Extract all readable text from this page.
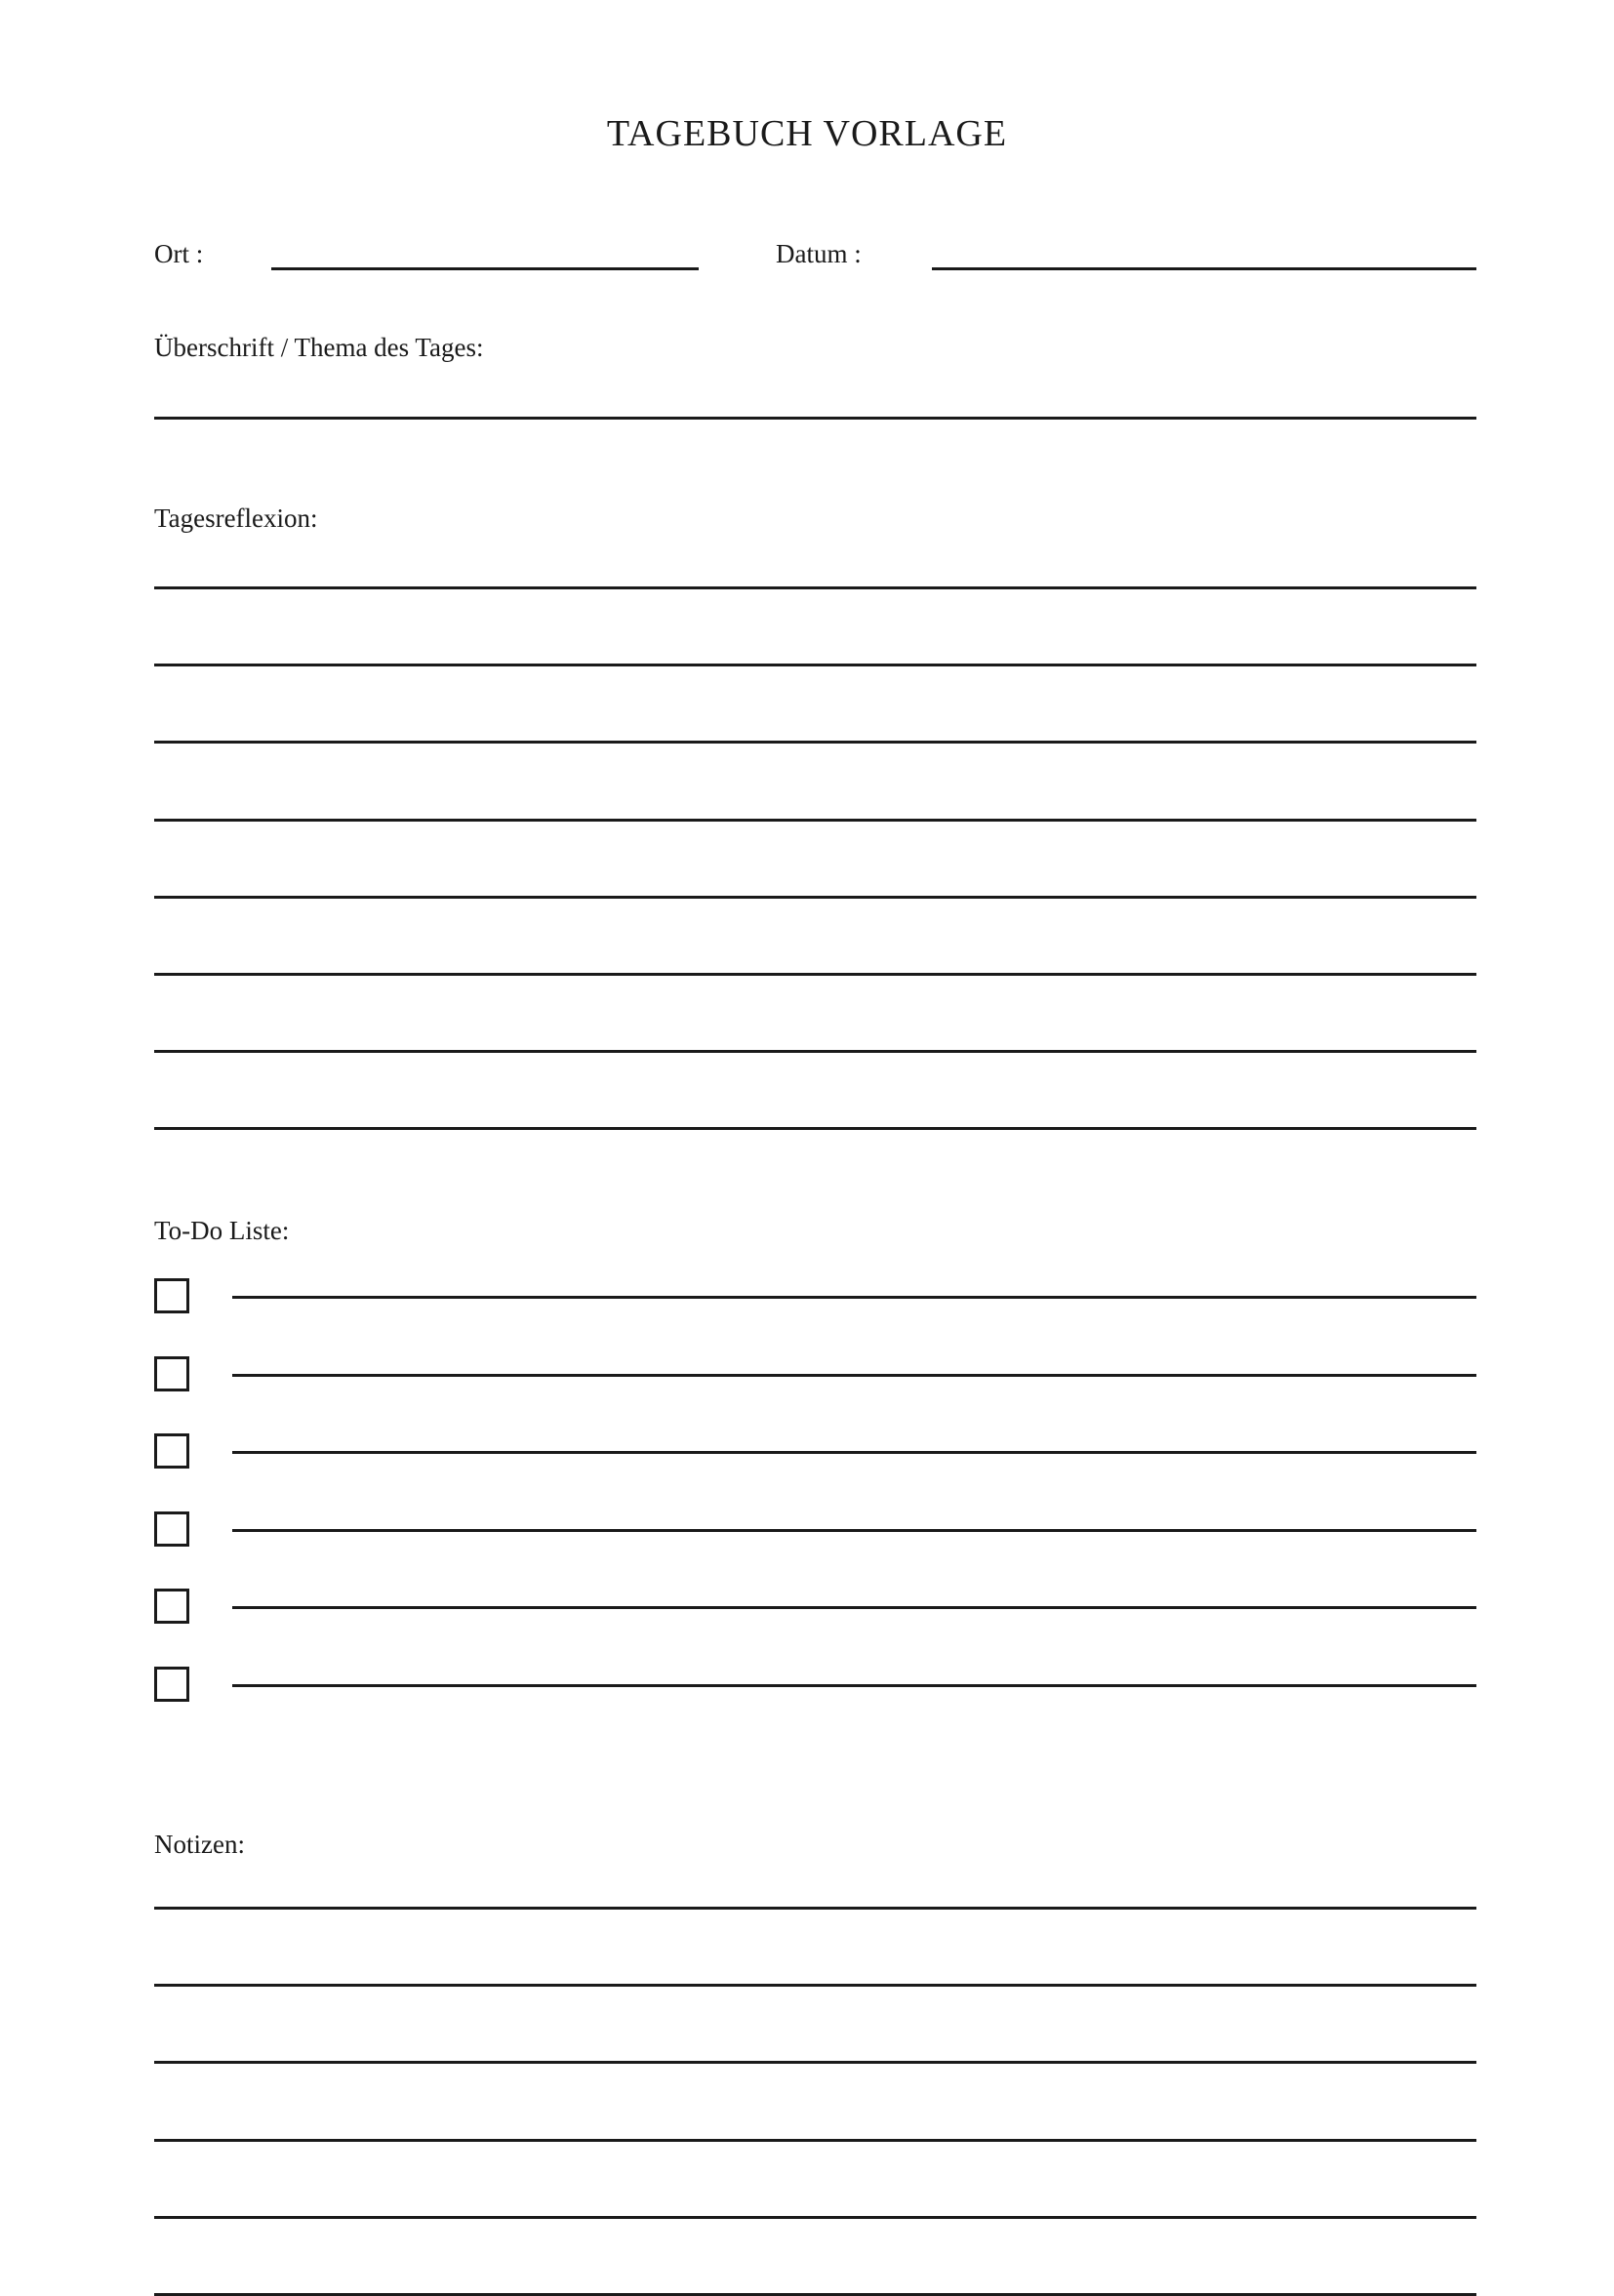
TAGEBUCH VORLAGE
Ort :	Datum :
Überschrift / Thema des Tages:
Tagesreflexion:
To-Do Liste:
Notizen:
